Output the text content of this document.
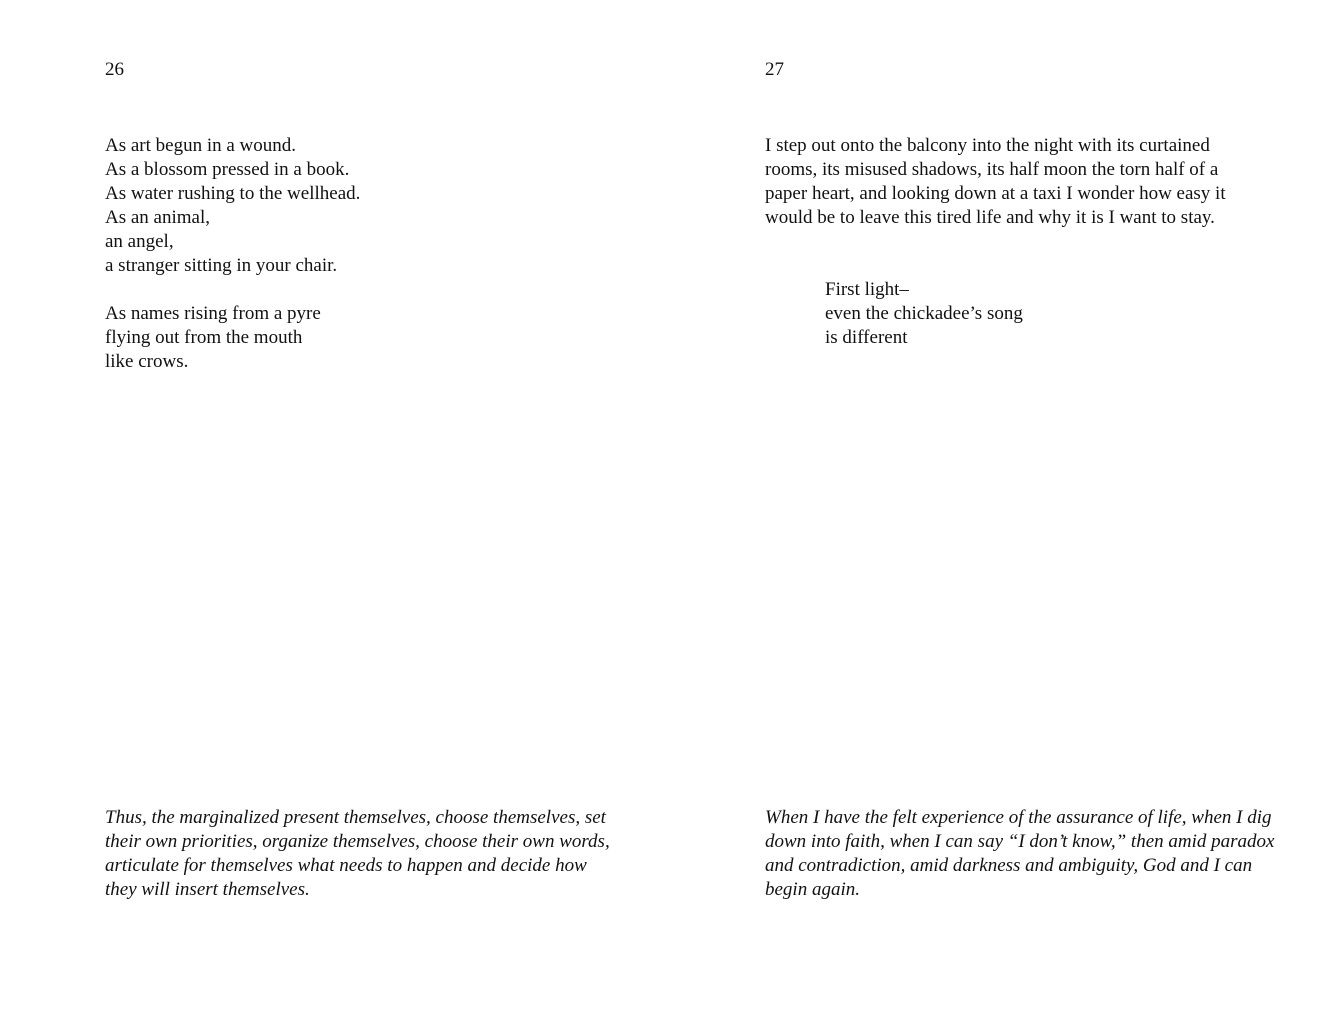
26

As art begun in a wound.
As a blossom pressed in a book.
As water rushing to the wellhead.
As an animal,
an angel,
a stranger sitting in your chair.

As names rising from a pyre
flying out from the mouth
like crows.

Thus, the marginalized present themselves, choose themselves, set
their own priorities, organize themselves, choose their own words,
articulate for themselves what needs to happen and decide how
they will insert themselves.

27

I step out onto the balcony into the night with its curtained
rooms, its misused shadows, its half moon the torn half of a
paper heart, and looking down at a taxi I wonder how easy it
would be to leave this tired life and why it is I want to stay.

First light–
even the chickadee’s song
is different

When I have the felt experience of the assurance of life, when I dig
down into faith, when I can say “I don’t know,” then amid paradox
and contradiction, amid darkness and ambiguity, God and I can
begin again.
